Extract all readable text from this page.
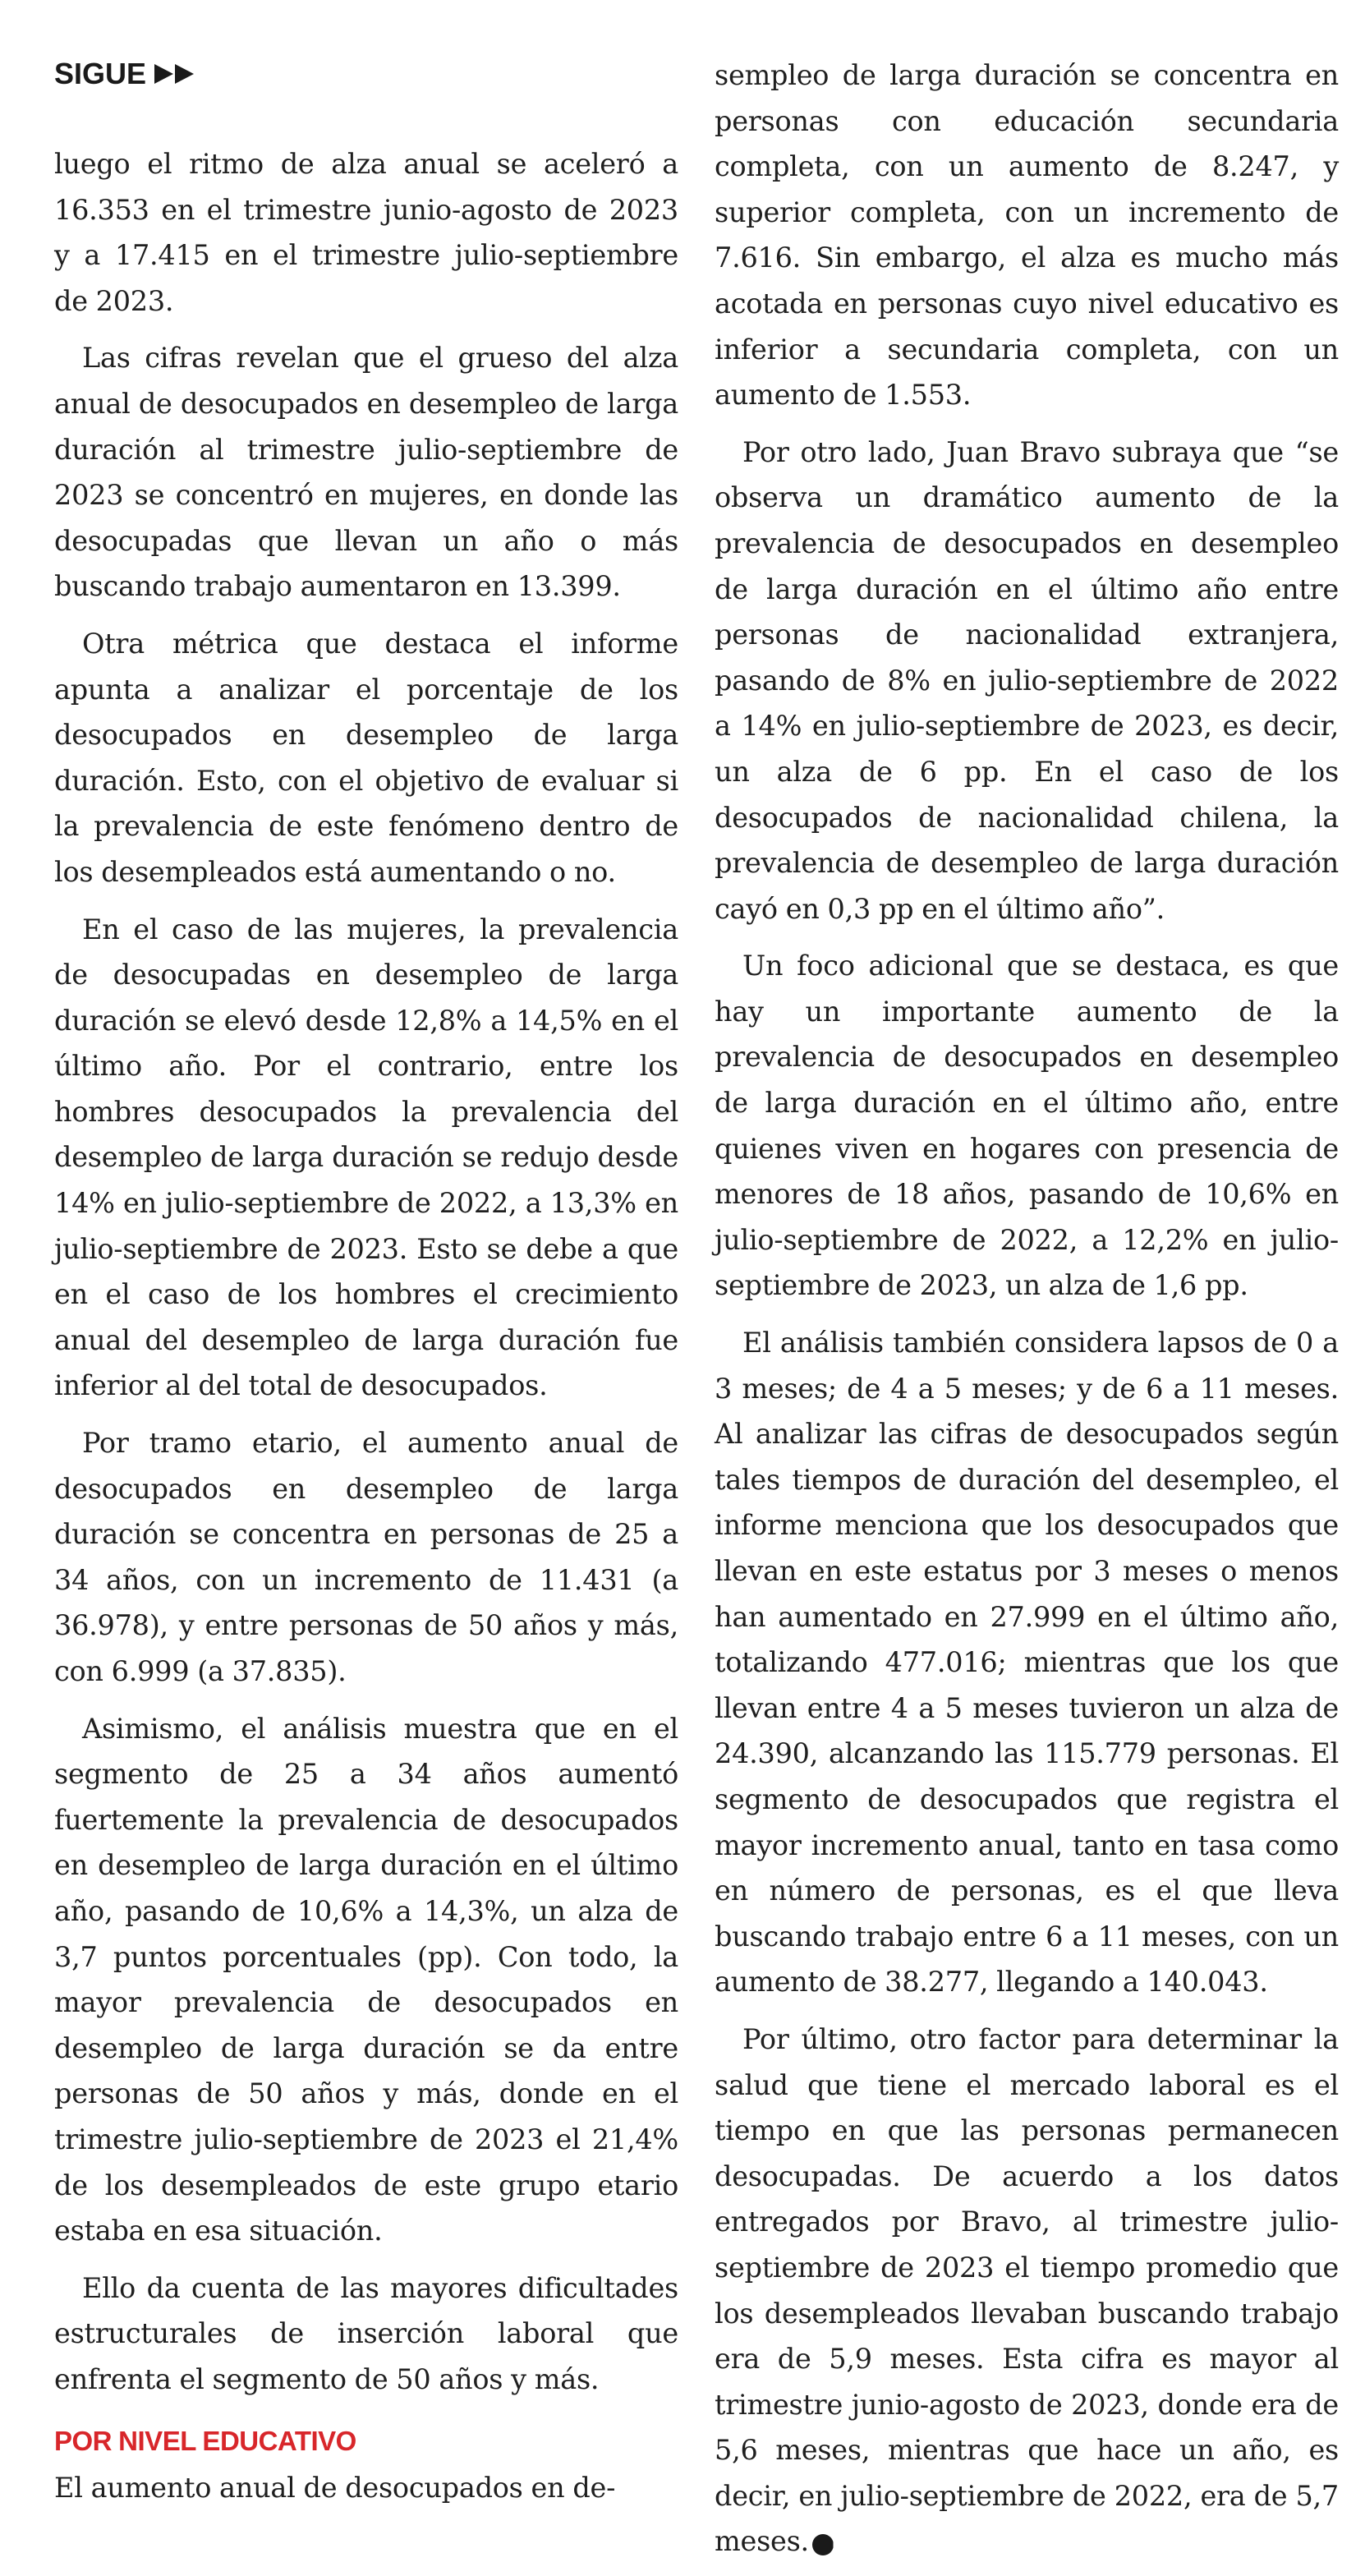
SIGUE

luego el ritmo de alza anual se aceleró a 16.353 en el trimestre junio-agosto de 2023 y a 17.415 en el trimestre julio-septiembre de 2023.

Las cifras revelan que el grueso del alza anual de desocupados en desempleo de larga duración al trimestre julio-septiembre de 2023 se concentró en mujeres, en donde las desocupadas que llevan un año o más buscando trabajo aumentaron en 13.399.

Otra métrica que destaca el informe apunta a analizar el porcentaje de los desocupados en desempleo de larga duración. Esto, con el objetivo de evaluar si la prevalencia de este fenómeno dentro de los desempleados está aumentando o no.

En el caso de las mujeres, la prevalencia de desocupadas en desempleo de larga duración se elevó desde 12,8% a 14,5% en el último año. Por el contrario, entre los hombres desocupados la prevalencia del desempleo de larga duración se redujo desde 14% en julio-septiembre de 2022, a 13,3% en julio-septiembre de 2023. Esto se debe a que en el caso de los hombres el crecimiento anual del desempleo de larga duración fue inferior al del total de desocupados.

Por tramo etario, el aumento anual de desocupados en desempleo de larga duración se concentra en personas de 25 a 34 años, con un incremento de 11.431 (a 36.978), y entre personas de 50 años y más, con 6.999 (a 37.835).

Asimismo, el análisis muestra que en el segmento de 25 a 34 años aumentó fuertemente la prevalencia de desocupados en desempleo de larga duración en el último año, pasando de 10,6% a 14,3%, un alza de 3,7 puntos porcentuales (pp). Con todo, la mayor prevalencia de desocupados en desempleo de larga duración se da entre personas de 50 años y más, donde en el trimestre julio-septiembre de 2023 el 21,4% de los desempleados de este grupo etario estaba en esa situación.

Ello da cuenta de las mayores dificultades estructurales de inserción laboral que enfrenta el segmento de 50 años y más.

POR NIVEL EDUCATIVO

El aumento anual de desocupados en de-

sempleo de larga duración se concentra en personas con educación secundaria completa, con un aumento de 8.247, y superior completa, con un incremento de 7.616. Sin embargo, el alza es mucho más acotada en personas cuyo nivel educativo es inferior a secundaria completa, con un aumento de 1.553.

Por otro lado, Juan Bravo subraya que “se observa un dramático aumento de la prevalencia de desocupados en desempleo de larga duración en el último año entre personas de nacionalidad extranjera, pasando de 8% en julio-septiembre de 2022 a 14% en julio-septiembre de 2023, es decir, un alza de 6 pp. En el caso de los desocupados de nacionalidad chilena, la prevalencia de desempleo de larga duración cayó en 0,3 pp en el último año”.

Un foco adicional que se destaca, es que hay un importante aumento de la prevalencia de desocupados en desempleo de larga duración en el último año, entre quienes viven en hogares con presencia de menores de 18 años, pasando de 10,6% en julio-septiembre de 2022, a 12,2% en julio-septiembre de 2023, un alza de 1,6 pp.

El análisis también considera lapsos de 0 a 3 meses; de 4 a 5 meses; y de 6 a 11 meses. Al analizar las cifras de desocupados según tales tiempos de duración del desempleo, el informe menciona que los desocupados que llevan en este estatus por 3 meses o menos han aumentado en 27.999 en el último año, totalizando 477.016; mientras que los que llevan entre 4 a 5 meses tuvieron un alza de 24.390, alcanzando las 115.779 personas. El segmento de desocupados que registra el mayor incremento anual, tanto en tasa como en número de personas, es el que lleva buscando trabajo entre 6 a 11 meses, con un aumento de 38.277, llegando a 140.043.

Por último, otro factor para determinar la salud que tiene el mercado laboral es el tiempo en que las personas permanecen desocupadas. De acuerdo a los datos entregados por Bravo, al trimestre julio-septiembre de 2023 el tiempo promedio que los desempleados llevaban buscando trabajo era de 5,9 meses. Esta cifra es mayor al trimestre junio-agosto de 2023, donde era de 5,6 meses, mientras que hace un año, es decir, en julio-septiembre de 2022, era de 5,7 meses. P
